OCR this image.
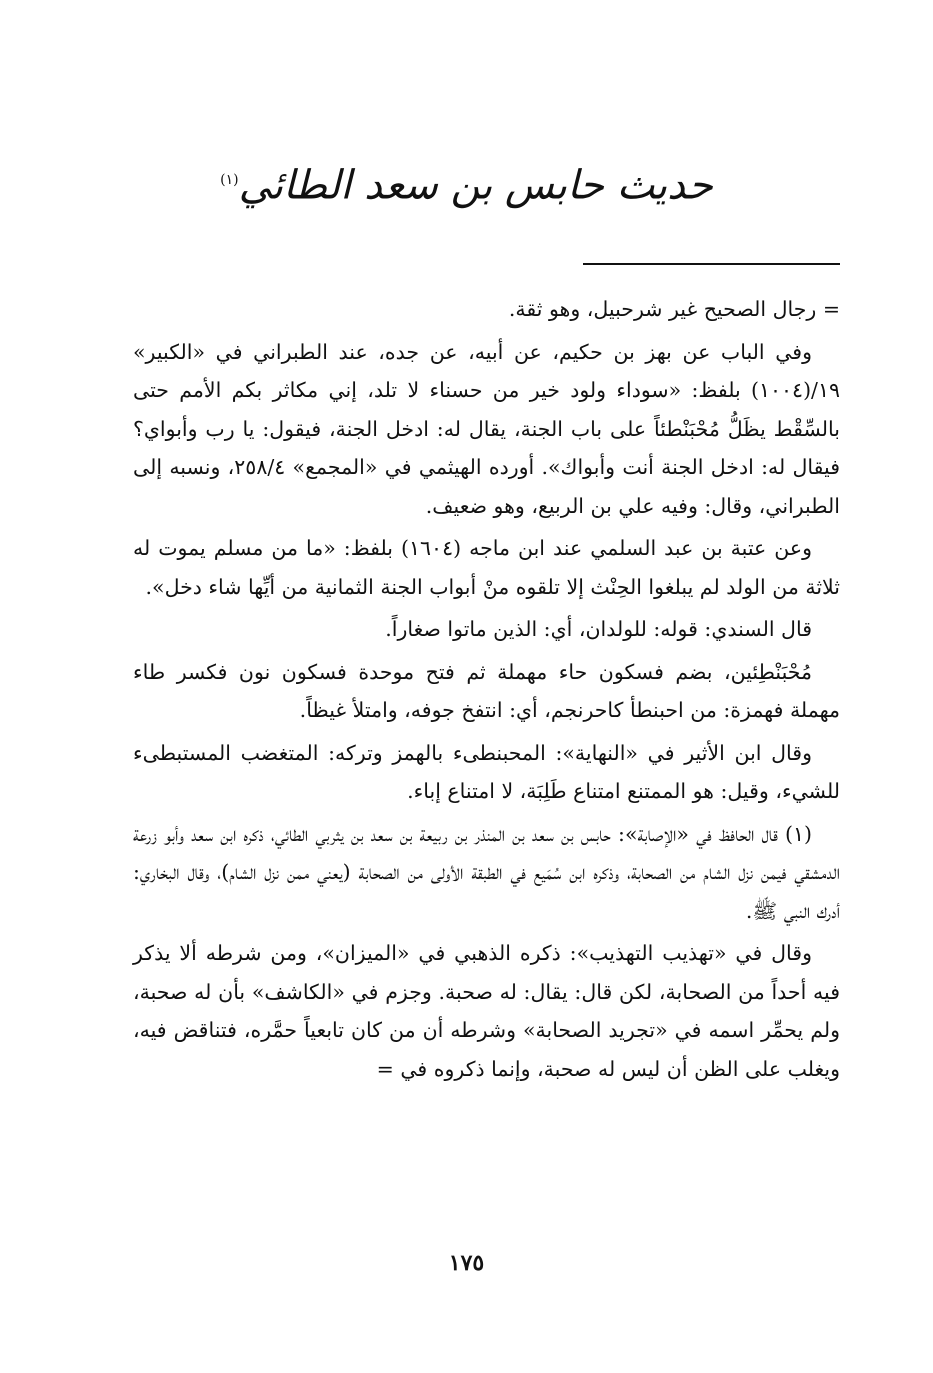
حديث حابس بن سعد الطائي$^{(١)}$

= رجال الصحيح غير شرحبيل، وهو ثقة.

وفي الباب عن بهز بن حكيم، عن أبيه، عن جده، عند الطبراني في «الكبير» ١٩/(١٠٠٤) بلفظ: «سوداء ولود خير من حسناء لا تلد، إني مكاثر بكم الأمم حتى بالسِّقْط يظَلُّ مُحْبَنْطئاً على باب الجنة، يقال له: ادخل الجنة، فيقول: يا رب وأبواي؟ فيقال له: ادخل الجنة أنت وأبواك». أورده الهيثمي في «المجمع» ٢٥٨/٤، ونسبه إلى الطبراني، وقال: وفيه علي بن الربيع، وهو ضعيف.

وعن عتبة بن عبد السلمي عند ابن ماجه (١٦٠٤) بلفظ: «ما من مسلم يموت له ثلاثة من الولد لم يبلغوا الحِنْث إلا تلقوه منْ أبواب الجنة الثمانية من أيِّها شاء دخل».

قال السندي: قوله: للولدان، أي: الذين ماتوا صغاراً.

مُحْبَنْطِئين، بضم فسكون حاء مهملة ثم فتح موحدة فسكون نون فكسر طاء مهملة فهمزة: من احبنطأ كاحرنجم، أي: انتفخ جوفه، وامتلأ غيظاً.

وقال ابن الأثير في «النهاية»: المحبنطىء بالهمز وتركه: المتغضب المستبطىء للشيء، وقيل: هو الممتنع امتناع طَلِبَة، لا امتناع إباء.

(١) قال الحافظ في «الإصابة»: حابس بن سعد بن المنذر بن ربيعة بن سعد بن يثربي الطائي، ذكره ابن سعد وأبو زرعة الدمشقي فيمن نزل الشام من الصحابة، وذكره ابن سُمَيع في الطبقة الأولى من الصحابة (يعني ممن نزل الشام)، وقال البخاري: أدرك النبي ﷺ.

وقال في «تهذيب التهذيب»: ذكره الذهبي في «الميزان»، ومن شرطه ألا يذكر فيه أحداً من الصحابة، لكن قال: يقال: له صحبة. وجزم في «الكاشف» بأن له صحبة، ولم يحمِّر اسمه في «تجريد الصحابة» وشرطه أن من كان تابعياً حمَّره، فتناقض فيه، ويغلب على الظن أن ليس له صحبة، وإنما ذكروه في =

١٧٥
